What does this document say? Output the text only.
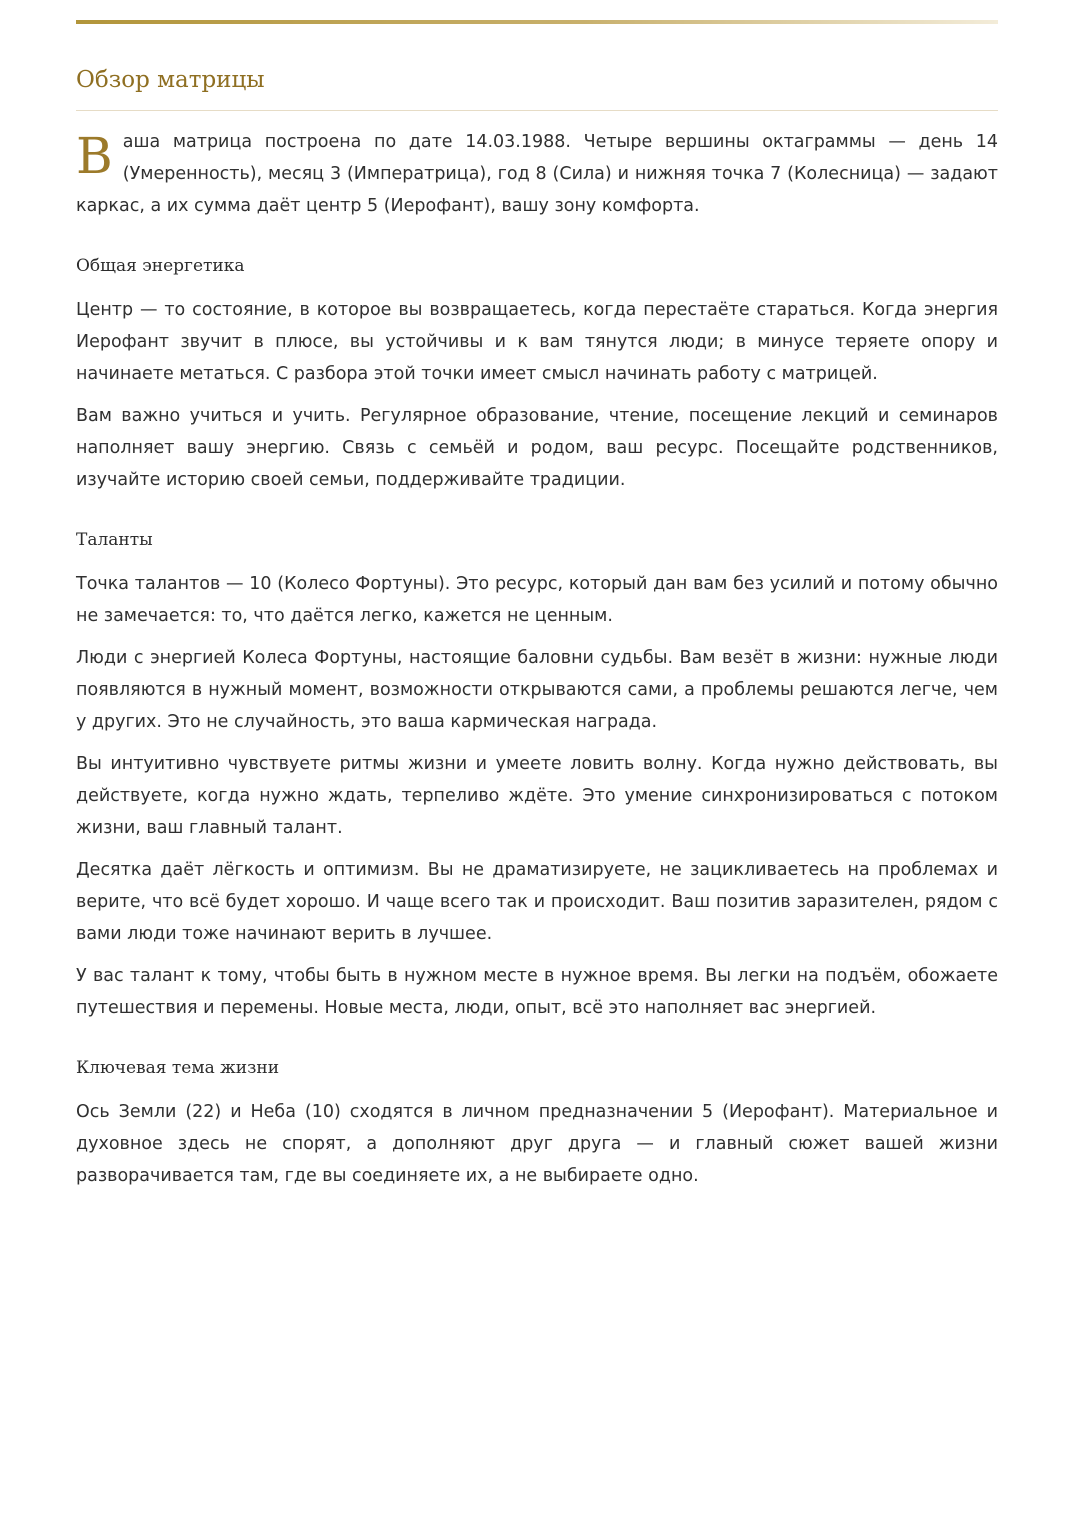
Обзор матрицы

Ваша матрица построена по дате 14.03.1988. Четыре вершины октаграммы — день 14 (Умеренность), месяц 3 (Императрица), год 8 (Сила) и нижняя точка 7 (Колесница) — задают каркас, а их сумма даёт центр 5 (Иерофант), вашу зону комфорта.

Общая энергетика

Центр — то состояние, в которое вы возвращаетесь, когда перестаёте стараться. Когда энергия Иерофант звучит в плюсе, вы устойчивы и к вам тянутся люди; в минусе теряете опору и начинаете метаться. С разбора этой точки имеет смысл начинать работу с матрицей.

Вам важно учиться и учить. Регулярное образование, чтение, посещение лекций и семинаров наполняет вашу энергию. Связь с семьёй и родом, ваш ресурс. Посещайте родственников, изучайте историю своей семьи, поддерживайте традиции.

Таланты

Точка талантов — 10 (Колесо Фортуны). Это ресурс, который дан вам без усилий и потому обычно не замечается: то, что даётся легко, кажется не ценным.

Люди с энергией Колеса Фортуны, настоящие баловни судьбы. Вам везёт в жизни: нужные люди появляются в нужный момент, возможности открываются сами, а проблемы решаются легче, чем у других. Это не случайность, это ваша кармическая награда.

Вы интуитивно чувствуете ритмы жизни и умеете ловить волну. Когда нужно действовать, вы действуете, когда нужно ждать, терпеливо ждёте. Это умение синхронизироваться с потоком жизни, ваш главный талант.

Десятка даёт лёгкость и оптимизм. Вы не драматизируете, не зацикливаетесь на проблемах и верите, что всё будет хорошо. И чаще всего так и происходит. Ваш позитив заразителен, рядом с вами люди тоже начинают верить в лучшее.

У вас талант к тому, чтобы быть в нужном месте в нужное время. Вы легки на подъём, обожаете путешествия и перемены. Новые места, люди, опыт, всё это наполняет вас энергией.

Ключевая тема жизни

Ось Земли (22) и Неба (10) сходятся в личном предназначении 5 (Иерофант). Материальное и духовное здесь не спорят, а дополняют друг друга — и главный сюжет вашей жизни разворачивается там, где вы соединяете их, а не выбираете одно.
